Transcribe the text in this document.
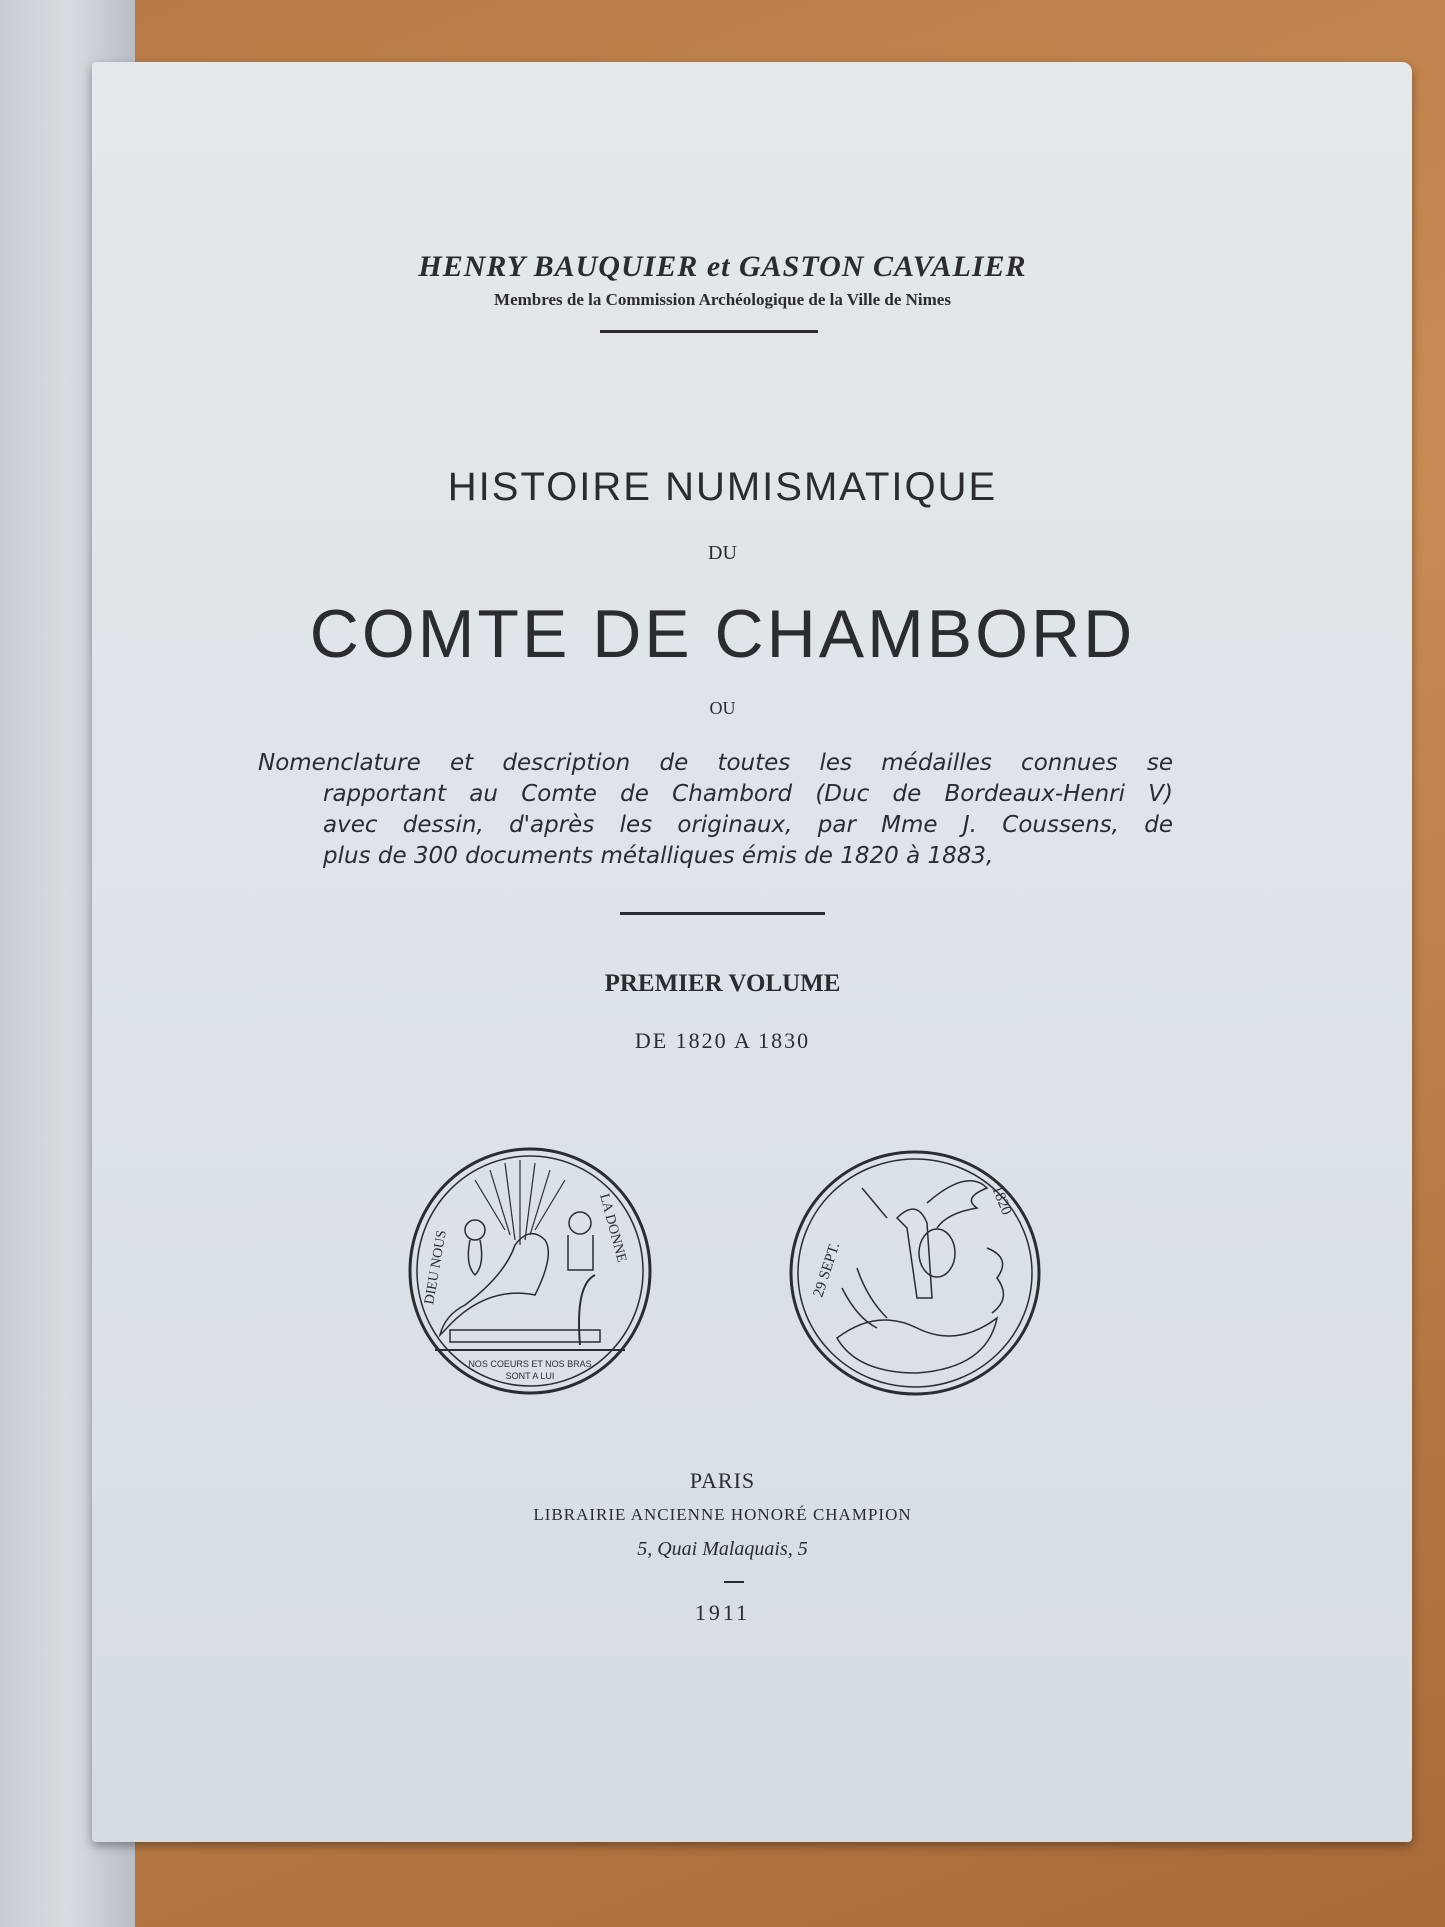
HENRY BAUQUIER et GASTON CAVALIER
Membres de la Commission Archéologique de la Ville de Nimes
HISTOIRE NUMISMATIQUE
DU
COMTE DE CHAMBORD
OU
Nomenclature et description de toutes les médailles connues se
rapportant au Comte de Chambord (Duc de Bordeaux-Henri V)
avec dessin, d'après les originaux, par Mme J. Coussens, de
plus de 300 documents métalliques émis de 1820 à 1883,
PREMIER VOLUME
DE 1820 A 1830
DIEU NOUS
LA DONNE
NOS COEURS ET NOS BRAS
SONT A LUI
29 SEPT.
1820
PARIS
LIBRAIRIE ANCIENNE HONORÉ CHAMPION
5, Quai Malaquais, 5
1911
